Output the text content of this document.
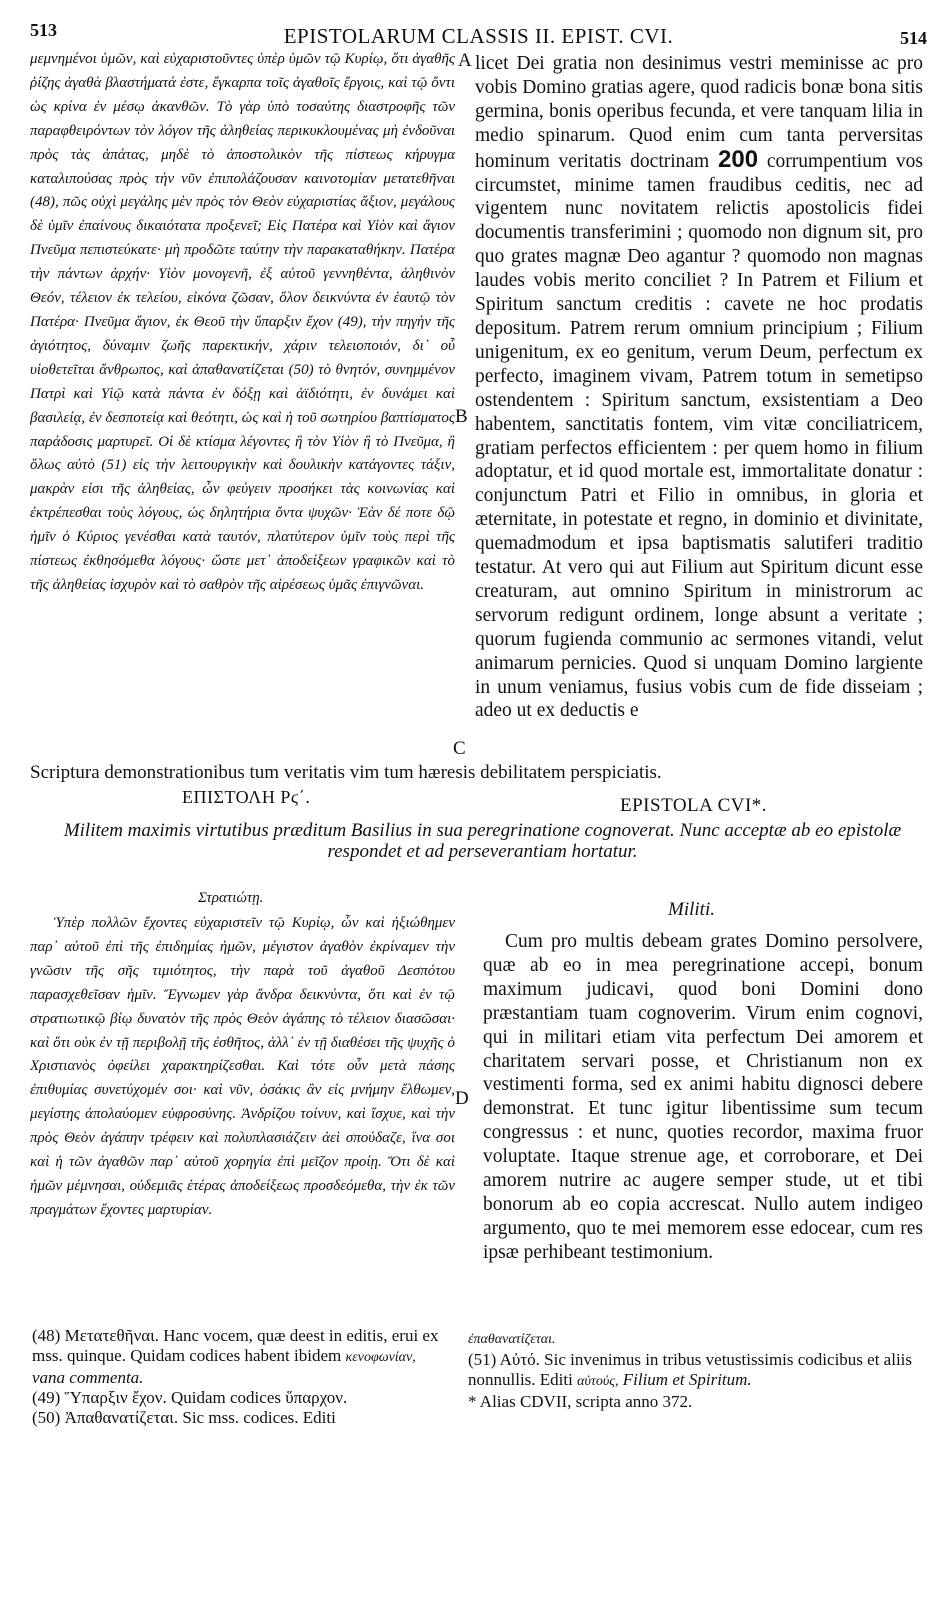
513	EPISTOLARUM CLASSIS II. EPIST. CVI.	514

μεμνημένοι ὑμῶν, καὶ εὐχαριστοῦντες ὑπὲρ ὑμῶν τῷ Κυρίῳ, ὅτι ἀγαθῆς ῥίζης ἀγαθὰ βλαστήματά ἐστε, ἔγκαρπα τοῖς ἀγαθοῖς ἔργοις, καὶ τῷ ὄντι ὡς κρίνα ἐν μέσῳ ἀκανθῶν. Τὸ γὰρ ὑπὸ τοσαύτης διαστροφῆς τῶν παραφθειρόντων τὸν λόγον τῆς ἀληθείας περικυκλουμένας μὴ ἐνδοῦναι πρὸς τὰς ἀπάτας, μηδὲ τὸ ἀποστολικὸν τῆς πίστεως κήρυγμα καταλιπούσας πρὸς τὴν νῦν ἐπιπολάζουσαν καινοτομίαν μετατεθῆναι (48), πῶς οὐχὶ μεγάλης μὲν πρὸς τὸν Θεὸν εὐχαριστίας ἄξιον, μεγάλους δὲ ὑμῖν ἐπαίνους δικαιότατα προξενεῖ; Εἰς Πατέρα καὶ Υἱὸν καὶ ἅγιον Πνεῦμα πεπιστεύκατε· μὴ προδῶτε ταύτην τὴν παρακαταθήκην. Πατέρα τὴν πάντων ἀρχήν· Υἱὸν μονογενῆ, ἐξ αὐτοῦ γεννηθέντα, ἀληθινὸν Θεόν, τέλειον ἐκ τελείου, εἰκόνα ζῶσαν, ὅλον δεικνύντα ἐν ἑαυτῷ τὸν Πατέρα· Πνεῦμα ἅγιον, ἐκ Θεοῦ τὴν ὕπαρξιν ἔχον (49), τὴν πηγὴν τῆς ἁγιότητος, δύναμιν ζωῆς παρεκτικήν, χάριν τελειοποιόν, δι᾽ οὗ υἱοθετεῖται ἄνθρωπος, καὶ ἀπαθανατίζεται (50) τὸ θνητόν, συνημμένον Πατρὶ καὶ Υἱῷ κατὰ πάντα ἐν δόξῃ καὶ ἀϊδιότητι, ἐν δυνάμει καὶ βασιλείᾳ, ἐν δεσποτείᾳ καὶ θεότητι, ὡς καὶ ἡ τοῦ σωτηρίου βαπτίσματος παράδοσις μαρτυρεῖ. Οἱ δὲ κτίσμα λέγοντες ἢ τὸν Υἱὸν ἢ τὸ Πνεῦμα, ἢ ὅλως αὐτὸ (51) εἰς τὴν λειτουργικὴν καὶ δουλικὴν κατάγοντες τάξιν, μακρὰν εἰσι τῆς ἀληθείας, ὧν φεύγειν προσήκει τὰς κοινωνίας καὶ ἐκτρέπεσθαι τοὺς λόγους, ὡς δηλητήρια ὄντα ψυχῶν· Ἐὰν δέ ποτε δῷ ἡμῖν ὁ Κύριος γενέσθαι κατὰ ταυτόν, πλατύτερον ὑμῖν τοὺς περὶ τῆς πίστεως ἐκθησόμεθα λόγους· ὥστε μετ᾽ ἀποδείξεων γραφικῶν καὶ τὸ τῆς ἀληθείας ἰσχυρὸν καὶ τὸ σαθρὸν τῆς αἱρέσεως ὑμᾶς ἐπιγνῶναι.

licet Dei gratia non desinimus vestri meminisse ac pro vobis Domino gratias agere, quod radicis bonæ bona sitis germina, bonis operibus fecunda, et vere tanquam lilia in medio spinarum. Quod enim cum tanta perversitas hominum veritatis doctrinam 200 corrumpentium vos circumstet, minime tamen fraudibus ceditis, nec ad vigentem nunc novitatem relictis apostolicis fidei documentis transferimini ; quomodo non dignum sit, pro quo grates magnæ Deo agantur ? quomodo non magnas laudes vobis merito conciliet ? In Patrem et Filium et Spiritum sanctum creditis : cavete ne hoc prodatis depositum. Patrem rerum omnium principium ; Filium unigenitum, ex eo genitum, verum Deum, perfectum ex perfecto, imaginem vivam, Patrem totum in semetipso ostendentem : Spiritum sanctum, exsistentiam a Deo habentem, sanctitatis fontem, vim vitæ conciliatricem, gratiam perfectos efficientem : per quem homo in filium adoptatur, et id quod mortale est, immortalitate donatur : conjunctum Patri et Filio in omnibus, in gloria et æternitate, in potestate et regno, in dominio et divinitate, quemadmodum et ipsa baptismatis salutiferi traditio testatur. At vero qui aut Filium aut Spiritum dicunt esse creaturam, aut omnino Spiritum in ministrorum ac servorum redigunt ordinem, longe absunt a veritate ; quorum fugienda communio ac sermones vitandi, velut animarum pernicies. Quod si unquam Domino largiente in unum veniamus, fusius vobis cum de fide disseiam ; adeo ut ex deductis e

A
B
C
Scriptura demonstrationibus tum veritatis vim tum hæresis debilitatem perspiciatis.
ΕΠΙΣΤΟΛΗ Ρϛ΄.	EPISTOLA CVI*.
Militem maximis virtutibus præditum Basilius in sua peregrinatione cognoverat. Nunc acceptæ ab eo epistolæ respondet et ad perseverantiam hortatur.
Στρατιώτῃ.
Militi.

Ὑπὲρ πολλῶν ἔχοντες εὐχαριστεῖν τῷ Κυρίῳ, ὧν καὶ ἠξιώθημεν παρ᾽ αὐτοῦ ἐπὶ τῆς ἐπιδημίας ἡμῶν, μέγιστον ἀγαθὸν ἐκρίναμεν τὴν γνῶσιν τῆς σῆς τιμιότητος, τὴν παρὰ τοῦ ἀγαθοῦ Δεσπότου παρασχεθεῖσαν ἡμῖν. Ἔγνωμεν γὰρ ἄνδρα δεικνύντα, ὅτι καὶ ἐν τῷ στρατιωτικῷ βίῳ δυνατὸν τῆς πρὸς Θεὸν ἀγάπης τὸ τέλειον διασῶσαι· καὶ ὅτι οὐκ ἐν τῇ περιβολῇ τῆς ἐσθῆτος, ἀλλ᾽ ἐν τῇ διαθέσει τῆς ψυχῆς ὁ Χριστιανὸς ὀφείλει χαρακτηρίζεσθαι. Καὶ τότε οὖν μετὰ πάσης ἐπιθυμίας συνετύχομέν σοι· καὶ νῦν, ὁσάκις ἂν εἰς μνήμην ἔλθωμεν, μεγίστης ἀπολαύομεν εὐφροσύνης. Ἀνδρίζου τοίνυν, καὶ ἴσχυε, καὶ τὴν πρὸς Θεὸν ἀγάπην τρέφειν καὶ πολυπλασιάζειν ἀεὶ σπούδαζε, ἵνα σοι καὶ ἡ τῶν ἀγαθῶν παρ᾽ αὐτοῦ χορηγία ἐπὶ μεῖζον προίῃ. Ὅτι δὲ καὶ ἡμῶν μέμνησαι, οὐδεμιᾶς ἑτέρας ἀποδείξεως προσδεόμεθα, τὴν ἐκ τῶν πραγμάτων ἔχοντες μαρτυρίαν.

Cum pro multis debeam grates Domino persolvere, quæ ab eo in mea peregrinatione accepi, bonum maximum judicavi, quod boni Domini dono præstantiam tuam cognoverim. Virum enim cognovi, qui in militari etiam vita perfectum Dei amorem et charitatem servari posse, et Christianum non ex vestimenti forma, sed ex animi habitu dignosci debere demonstrat. Et tunc igitur libentissime sum tecum congressus : et nunc, quoties recordor, maxima fruor voluptate. Itaque strenue age, et corroborare, et Dei amorem nutrire ac augere semper stude, ut et tibi bonorum ab eo copia accrescat. Nullo autem indigeo argumento, quo te mei memorem esse edocear, cum res ipsæ perhibeant testimonium.

D
(48) Μετατεθῆναι. Hanc vocem, quæ deest in editis, erui ex mss. quinque. Quidam codices habent ibidem κενοφωνίαν, vana commenta.
(49) Ὕπαρξιν ἔχον. Quidam codices ὕπαρχον.
(50) Ἀπαθανατίζεται. Sic mss. codices. Editi
ἐπαθανατίζεται.
(51) Αὐτό. Sic invenimus in tribus vetustissimis codicibus et aliis nonnullis. Editi αὐτούς, Filium et Spiritum.
* Alias CDVII, scripta anno 372.
